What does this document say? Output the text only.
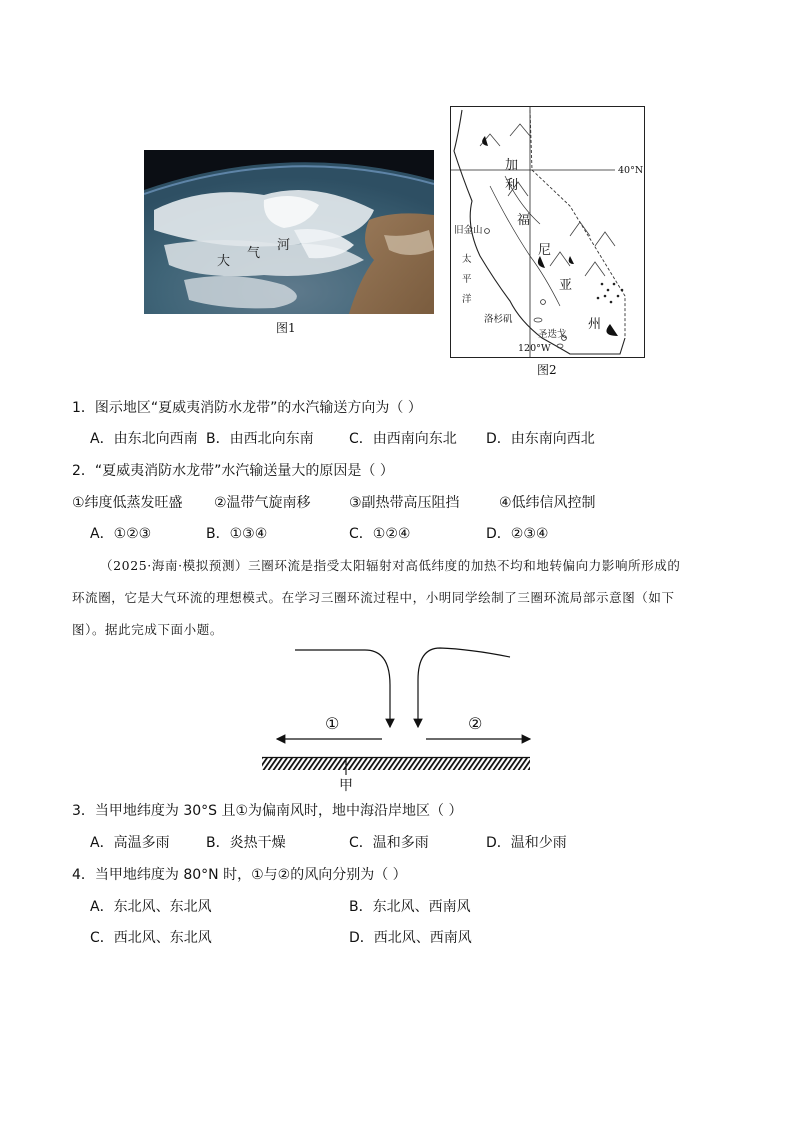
大
气
河
图1
40°N
120°W
加
利
福
尼
亚
州
旧金山
洛杉矶
圣迭戈
太
平
洋
图2
1．图示地区“夏威夷消防水龙带”的水汽输送方向为（ ）
A．由东北向西南 B．由西北向东南	C．由西南向东北 D．由东南向西北
2．“夏威夷消防水龙带”水汽输送量大的原因是（ ）
①纬度低蒸发旺盛 ②温带气旋南移	③副热带高压阻挡	④低纬信风控制
A．①②③	B．①③④	C．①②④	D．②③④
（2025·海南·模拟预测）三圈环流是指受太阳辐射对高低纬度的加热不均和地转偏向力影响所形成的
环流圈，它是大气环流的理想模式。在学习三圈环流过程中，小明同学绘制了三圈环流局部示意图（如下
图）。据此完成下面小题。
①	②
甲
3．当甲地纬度为 30°S 且①为偏南风时，地中海沿岸地区（ ）
A．高温多雨	B．炎热干燥	C．温和多雨	D．温和少雨
4．当甲地纬度为 80°N 时，①与②的风向分别为（ ）
A．东北风、东北风	B．东北风、西南风
C．西北风、东北风	D．西北风、西南风
